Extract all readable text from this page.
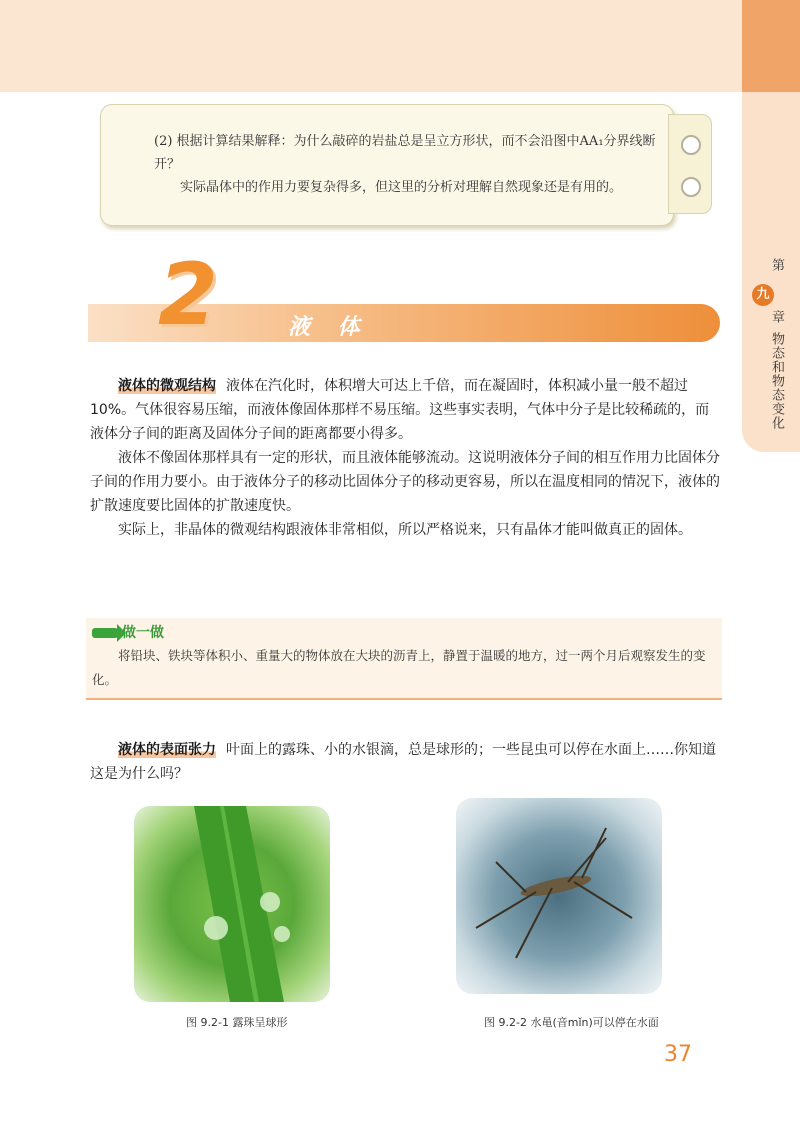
第
九
章
物态和物态变化

(2) 根据计算结果解释：为什么敲碎的岩盐总是呈立方形状，而不会沿图中AA₁分界线断开？

实际晶体中的作用力要复杂得多，但这里的分析对理解自然现象还是有用的。

2	液 体

液体的微观结构 液体在汽化时，体积增大可达上千倍，而在凝固时，体积减小量一般不超过10%。气体很容易压缩，而液体像固体那样不易压缩。这些事实表明，气体中分子是比较稀疏的，而液体分子间的距离及固体分子间的距离都要小得多。

液体不像固体那样具有一定的形状，而且液体能够流动。这说明液体分子间的相互作用力比固体分子间的作用力要小。由于液体分子的移动比固体分子的移动更容易，所以在温度相同的情况下，液体的扩散速度要比固体的扩散速度快。

实际上，非晶体的微观结构跟液体非常相似，所以严格说来，只有晶体才能叫做真正的固体。

做一做

将铅块、铁块等体积小、重量大的物体放在大块的沥青上，静置于温暖的地方，过一两个月后观察发生的变化。

液体的表面张力 叶面上的露珠、小的水银滴，总是球形的；一些昆虫可以停在水面上……你知道这是为什么吗？

图 9.2-1 露珠呈球形	图 9.2-2 水黾(音mǐn)可以停在水面
37
